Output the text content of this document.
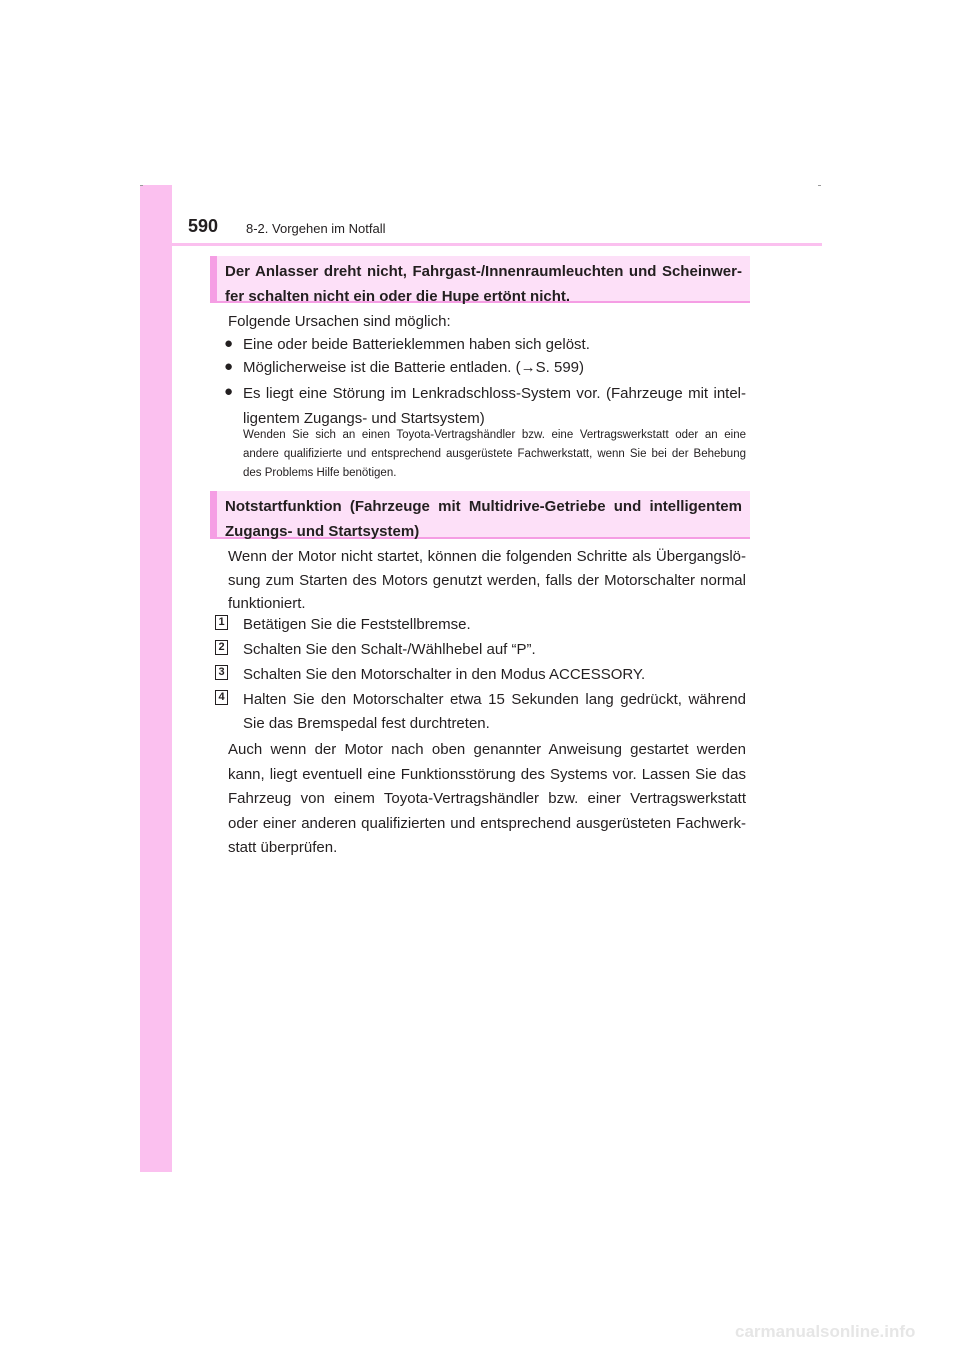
590 8-2. Vorgehen im Notfall
Der Anlasser dreht nicht, Fahrgast-/Innenraumleuchten und Scheinwer-
fer schalten nicht ein oder die Hupe ertönt nicht.
Folgende Ursachen sind möglich:
● Eine oder beide Batterieklemmen haben sich gelöst.
● Möglicherweise ist die Batterie entladen. (→S. 599)
● Es liegt eine Störung im Lenkradschloss-System vor. (Fahrzeuge mit intel-ligentem Zugangs- und Startsystem)
Wenden Sie sich an einen Toyota-Vertragshändler bzw. eine Vertragswerkstatt oder an eine andere qualifizierte und entsprechend ausgerüstete Fachwerkstatt, wenn Sie bei der Behebung des Problems Hilfe benötigen.
Notstartfunktion (Fahrzeuge mit Multidrive-Getriebe und intelligentem
Zugangs- und Startsystem)
Wenn der Motor nicht startet, können die folgenden Schritte als Übergangslö-sung zum Starten des Motors genutzt werden, falls der Motorschalter normal funktioniert.
1 Betätigen Sie die Feststellbremse.
2 Schalten Sie den Schalt-/Wählhebel auf “P”.
3 Schalten Sie den Motorschalter in den Modus ACCESSORY.
4 Halten Sie den Motorschalter etwa 15 Sekunden lang gedrückt, während Sie das Bremspedal fest durchtreten.
Auch wenn der Motor nach oben genannter Anweisung gestartet werden kann, liegt eventuell eine Funktionsstörung des Systems vor. Lassen Sie das Fahrzeug von einem Toyota-Vertragshändler bzw. einer Vertragswerkstatt oder einer anderen qualifizierten und entsprechend ausgerüsteten Fachwerk-statt überprüfen.
carmanualsonline.info
